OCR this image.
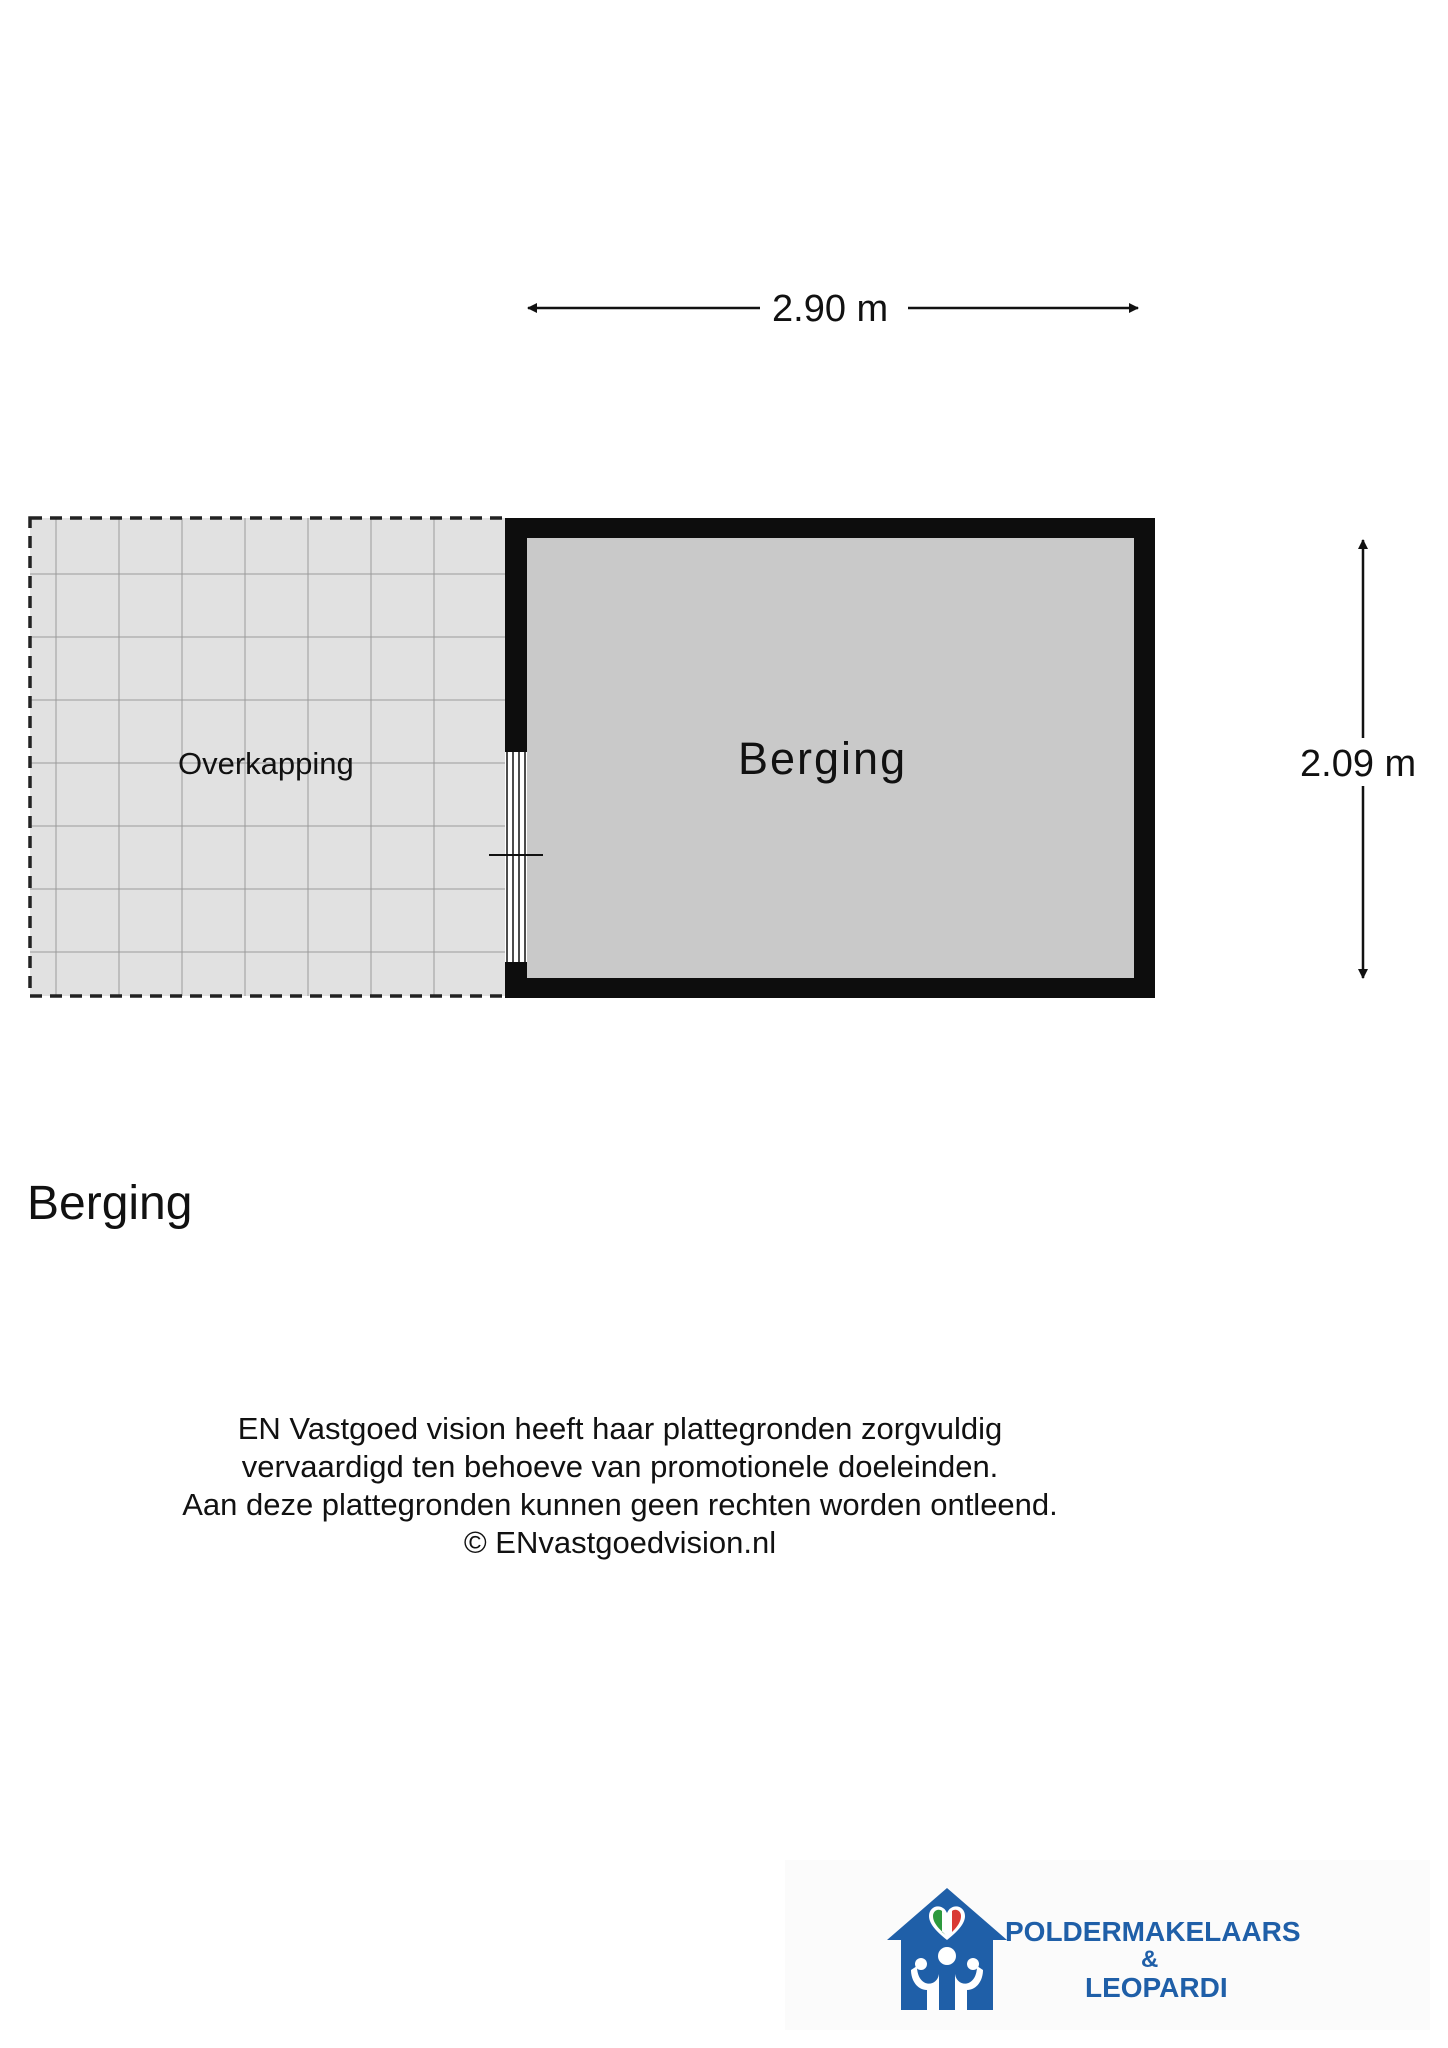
2.90 m
2.09 m
Overkapping	Berging
Berging
EN Vastgoed vision heeft haar plattegronden zorgvuldig
vervaardigd ten behoeve van promotionele doeleinden.
Aan deze plattegronden kunnen geen rechten worden ontleend.
© ENvastgoedvision.nl
POLDERMAKELAARS
&
LEOPARDI
